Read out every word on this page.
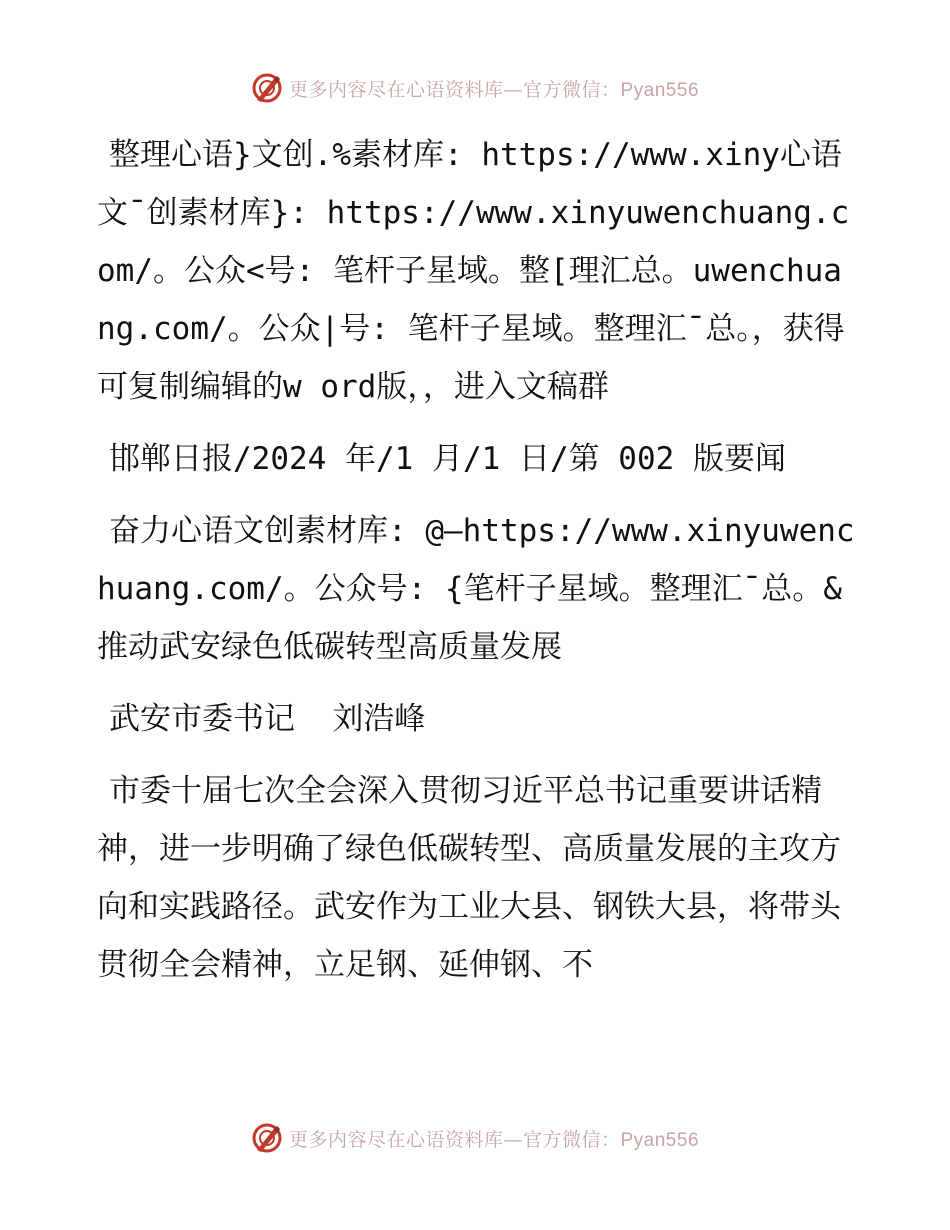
更多内容尽在心语资料库—官方微信：Pyan556

整理心语}文创.%素材库: https://www.xiny心语文¯创素材库}: https://www.xinyuwenchuang.com/。公众<号: 笔杆子星域。整[理汇总。uwenchuang.com/。公众|号: 笔杆子星域。整理汇¯总。，获得可复制编辑的w ord版，，进入文稿群

邯郸日报/2024 年/1 月/1 日/第 002 版要闻

奋力心语文创素材库: @—https://www.xinyuwenchuang.com/。公众号: {笔杆子星域。整理汇¯总。&推动武安绿色低碳转型高质量发展

武安市委书记  刘浩峰

市委十届七次全会深入贯彻习近平总书记重要讲话精神，进一步明确了绿色低碳转型、高质量发展的主攻方向和实践路径。武安作为工业大县、钢铁大县，将带头贯彻全会精神，立足钢、延伸钢、不

更多内容尽在心语资料库—官方微信：Pyan556
